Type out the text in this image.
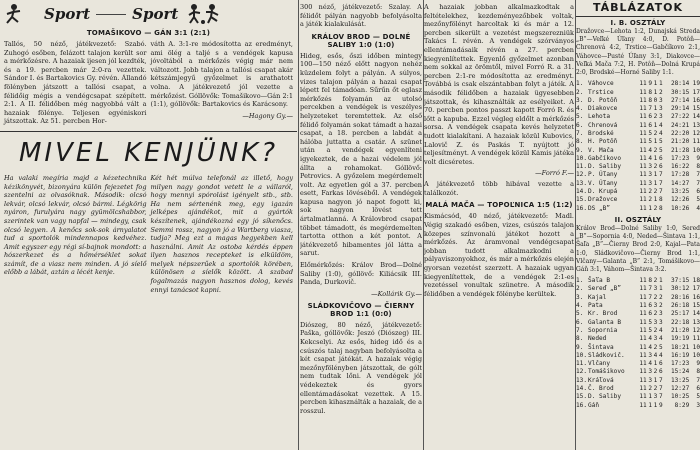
Sport	Sport
TOMAŠIKOVO — GÁN 3:1 (2:1)

Tallós, 50 néző, játékvezető: Szabó. Zuhogó esőben, felázott talajon került sor a mérkőzésre. A hazaiak ijesen jól kezdték, és a 19. percben már 2:0-ra vezettek. Sándor I. és Bartakovics Gy. révén. Állandó fölényben játszott a tallósi csapat, a félidőig mégis a vendégcsapat szépített. 2:1. A II. félidőben még nagyobbá vált a hazaiak fölénye. Teljesen egyéniskori játszottak. Az 51. percben Hor-

váth A. 3:1-re módosította az eredményt, ami ölég a taljé s a vendégek kapusa jóvoltából a mérkőzés végig már nem változott. Jobb talajon a tallósi csapat akár kétszámjegyű győzelmet is arathatott volna. A játékvezető jól vezette a mérkőzést. Góllövők: Tomašikovo—Gán 2:1 (1:1), góllövők: Bartakovics és Karácsony.

—Hagony Gy.—

MIVEL KENJÜNK?

Ha valaki megíria majd a kézetechnika kézikönyvét, bizonyára külön fejezetet fog szentelni az olvasóknak. Második: olcsó lekvár, olcsó lekvár, olcsó bármi. Légkörig nyáron, furulyára nagy gyümölcshabbor, szerintek van vagy napfal — mindegy, csak olcsó legyen. A kenőcs sok-sok árnyalatot tud a sportolók mindennapos kedvéhez. Amit egyszer egy régi sí-bajnok mondott: a hószerkezet és a hőmérséklet sokat számít, de a viasz nem minden. A jó síelő előbb a lábát, aztán a lécét kenje.

Két hét múlva telefonál az illető, hogy milyen nagy gondot vetett le a vállaról, hogy mennyi spórolást igényelt stb., stb. Ha nem sértenénk meg, egy igazán jelképes ajándékot, mit a gyártók készítenek, ajándékozná egy jó síkenőcs. Semmi rossz, nagyon jó a Wartberg viasza, tudja? Meg ezt a magas hegyekben kell használni. Amit Az ostoba kérdés éppen ilyen hasznos recepteket is elküldöm, melyek népszerűek a sportolók körében, különösen a síelők között. A szabad fogalmazás nagyon hasznos dolog, kevés ennyi tanácsot kapni.

300 néző, játékvezető: Szalay. A félidőt pályán nagyobb befolyásolta a játék kialakulását.

KRÁLOV BROD — DOLNÉ SALIBY 1:0 (1:0)

Hideg, esős, őszi időben mintegy 100—150 néző előtt nagyon nehéz küzdelem folyt a pályán. A súlyos, vizes talajon pályán a hazai csapat lépett fel támadóan. Sűrűn őt eglasz mérkőzés folyamán az utolsó percekben a vendégek is veszélyes helyzeteket teremtettek. Az első félidő folyamán sokat támadt a hazai csapat, a 18. percben a labdát a hálóba juttatta a csatár. A szünet után a vendégek egyenlíteni igyekeztek, de a hazai védelem jól állta a rohamokat. Góllövő: Petrovics. A győzelem megérdemelt volt. Az egyetlen gól a 37. percben esett, Farkas lövéséből. A vendégek kapusa nagyon jó napot fogott ki, sok nagyon lövést tett ártalmatlanná. A Královbrod csapat többet támadott, és megérdemelten tartotta otthon a két pontot. A játékvezető hibamentes jól látta a sarut.

Előmérkőzés: Králov Brod—Dolné Saliby (1:0), góllövő: Kiliácsik III. Panda, Durkovič.

—Kollárik Gy.—

SLÁDKOVIČOVO — ČIERNY BROD 1:1 (0:0)

Diószeg, 80 néző, játékvezető: Paška, góllövők: Jeszó (Diószeg) III. Kekcselyi. Az esős, hideg idő és a csúszós talaj nagyban befolyásolta a két csapat játékát. A hazaiak végig mezőnyfölényben játszottak, de gólt nem tudtak lőni. A vendégek jól védekeztek és gyors ellentámadásokat vezettek. A 15. percben kihasználták a hazaiak, de a rosszul.

A hazaiak jobban alkalmazkodtak a feltételekhez, kezdeményezőbbek voltak, mezőnyfölényt harcoltak ki és már a 12. percben sikerült a vezetést megszerezniük Takács I. révén. A vendégek szórványos ellentámadásaik révén a 27. percben kiegyenlítettek. Egyenlő győzelmet azonban nem sokkal az örömtől, mivel Forró R. a 31. percben 2:1-re módosította az eredményt. Továbbá is csak elszántabban folyt a játék. A második félidőben a hazaiak ügyesebben játszottak, és kihasználták az esélyeiket. A 70. percben pontos passzt kapott Forró R. és lőtt a kapuba. Ezzel végleg eldőlt a mérkőzés sorsa. A vendégek csapata kevés helyzetet tudott kialakítani. A hazaiak közül Kubovics, Lalovič Z. és Paskás T. nyújtott jó teljesítményt. A vendégek közül Kamis játéka volt dicséretes.

—Forró F.—

A játékvezető több hibával vezette a találkozót.

MALÁ MAČA — TOPOĽNICA 1:5 (1:2)

Kismácsód, 40 néző, játékvezető: Madl. Végig szakadó esőben, vizes, csúszós talajon közepes színvonalú játékot hozott a mérkőzés. Az áramvonal vendégcsapat jobban tudott alkalmazkodni a pályaviszonyokhoz, és már a mérkőzés elején gyorsan vezetést szerzett. A hazaiak ugyan kiegyenlítettek, de a vendégek 2:1-es vezetéssel vonultak szünetre. A második félidőben a vendégek fölénybe kerültek.

TÁBLÁZATOK
I. B. OSZTÁLY

Dražovce—Lehota 1:2, Dunajská Streda „B”—Veľké Úľany 4:0, D. Potôň—Chrenová 4:2, Trstice—Gabčíkovo 2:1, Váhovce—Pusté Úľany 3:1, Diakovce—Veľká Mača 7:2, H. Potôň—Dolná Krupá 2:0, Brodské—Horné Saliby 1:1.

1.	Váhovce	11	9	1	1	28:14	19
2.	Trstice	11	8	1	2	30:15	17
3.	D. Potôň	11	8	0	3	27:14	16
4.	Diakovce	11	7	1	3	29:14	15
5.	Lehota	11	6	2	3	27:22	14
6.	Chrenová	11	6	1	4	24:21	13
7.	Brodské	11	5	2	4	22:20	12
8.	H. Potôň	11	5	1	5	21:20	11
9.	V. Mača	11	4	2	5	21:28	10
10.	Gabčíkovo	11	4	1	6	17:23	9
11.	D. Saliby	11	3	2	6	16:22	8
12.	P. Úľany	11	3	1	7	17:28	7
13.	V. Úľany	11	3	1	7	14:27	7
14.	D. Krupá	11	2	2	7	13:25	6
15.	Dražovce	11	2	1	8	12:26	5
16.	DS „B”	11	1	2	8	10:26	4
II. OSZTÁLY

Králov Brod—Dolné Saliby 1:0, Sereď „B”—Sopornia 4:0, Neded—Šintava 1:1, Šaľa „B”—Čierny Brod 2:0, Kajal—Pata 1:0, Sládkovičovo—Čierny Brod 1:1, Vlčany—Galanta „B” 2:1, Tomášikovo—Gáň 3:1, Váhom—Šintava 3:2.

1.	Šaľa B	11	8	2	1	37:15	18
2.	Sereď „B”	11	7	3	1	30:12	17
3.	Kajal	11	7	2	2	28:16	16
4.	Pata	11	6	3	2	26:18	15
5.	Kr. Brod	11	6	2	3	25:17	14
6.	Galanta B	11	5	3	3	22:18	13
7.	Sopornia	11	5	2	4	21:20	12
8.	Neded	11	4	3	4	19:19	11
9.	Šintava	11	4	2	5	18:21	10
10.	Sládkovič.	11	3	4	4	16:19	10
11.	Vlčany	11	4	1	6	17:23	9
12.	Tomášikovo	11	3	2	6	15:24	8
13.	Kráľová	11	3	1	7	13:25	7
14.	Č. Brod	11	2	2	7	12:27	6
15.	D. Saliby	11	1	3	7	10:25	5
16.	Gáň	11	1	1	9	8:29	3
